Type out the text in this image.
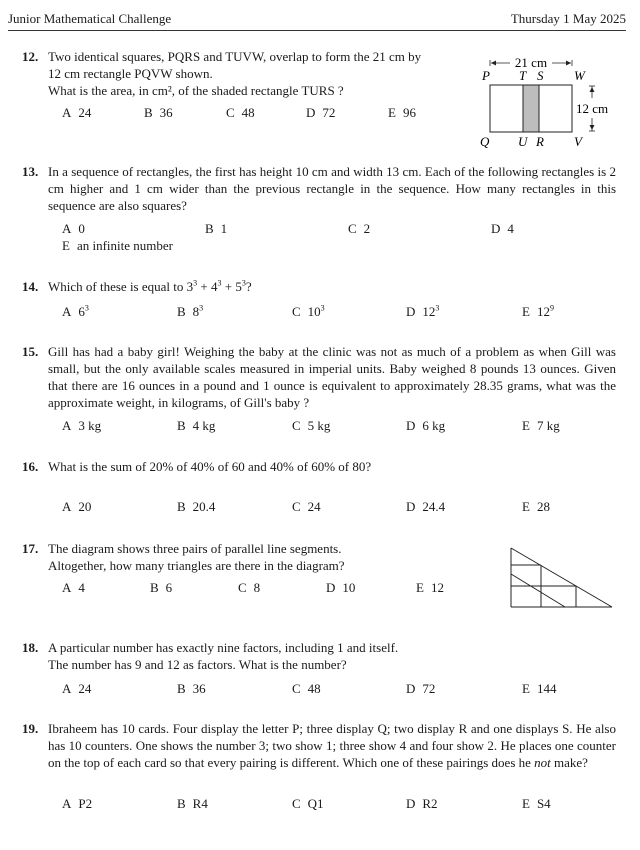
Junior Mathematical Challenge	Thursday 1 May 2025
12. Two identical squares, PQRS and TUVW, overlap to form the 21 cm by
12 cm rectangle PQVW shown.
What is the area, in cm², of the shaded rectangle TURS ?
A 24	B 36	C 48	D 72	E 96
21 cm
P T S W
12 cm
Q U R V
13. In a sequence of rectangles, the first has height 10 cm and width 13 cm. Each of the following rectangles is 2 cm higher and 1 cm wider than the previous rectangle in the sequence. How many rectangles in this sequence are also squares?
A 0	B 1	C 2	D 4
E an infinite number
14. Which of these is equal to $3^3 + 4^3 + 5^3$?
A $6^3$	B $8^3$	C $10^3$	D $12^3$	E $12^9$
15. Gill has had a baby girl! Weighing the baby at the clinic was not as much of a problem as when Gill was small, but the only available scales measured in imperial units. Baby weighed 8 pounds 13 ounces. Given that there are 16 ounces in a pound and 1 ounce is equivalent to approximately 28.35 grams, what was the approximate weight, in kilograms, of Gill's baby ?
A 3 kg	B 4 kg	C 5 kg	D 6 kg	E 7 kg
16. What is the sum of 20% of 40% of 60 and 40% of 60% of 80?
A 20	B 20.4	C 24	D 24.4	E 28
17. The diagram shows three pairs of parallel line segments.
Altogether, how many triangles are there in the diagram?
A 4	B 6	C 8	D 10	E 12
18. A particular number has exactly nine factors, including 1 and itself.
The number has 9 and 12 as factors. What is the number?
A 24	B 36	C 48	D 72	E 144
19. Ibraheem has 10 cards. Four display the letter P; three display Q; two display R and one displays S. He also has 10 counters. One shows the number 3; two show 1; three show 4 and four show 2. He places one counter on the top of each card so that every pairing is different. Which one of these pairings does he not make?
A P2	B R4	C Q1	D R2	E S4
